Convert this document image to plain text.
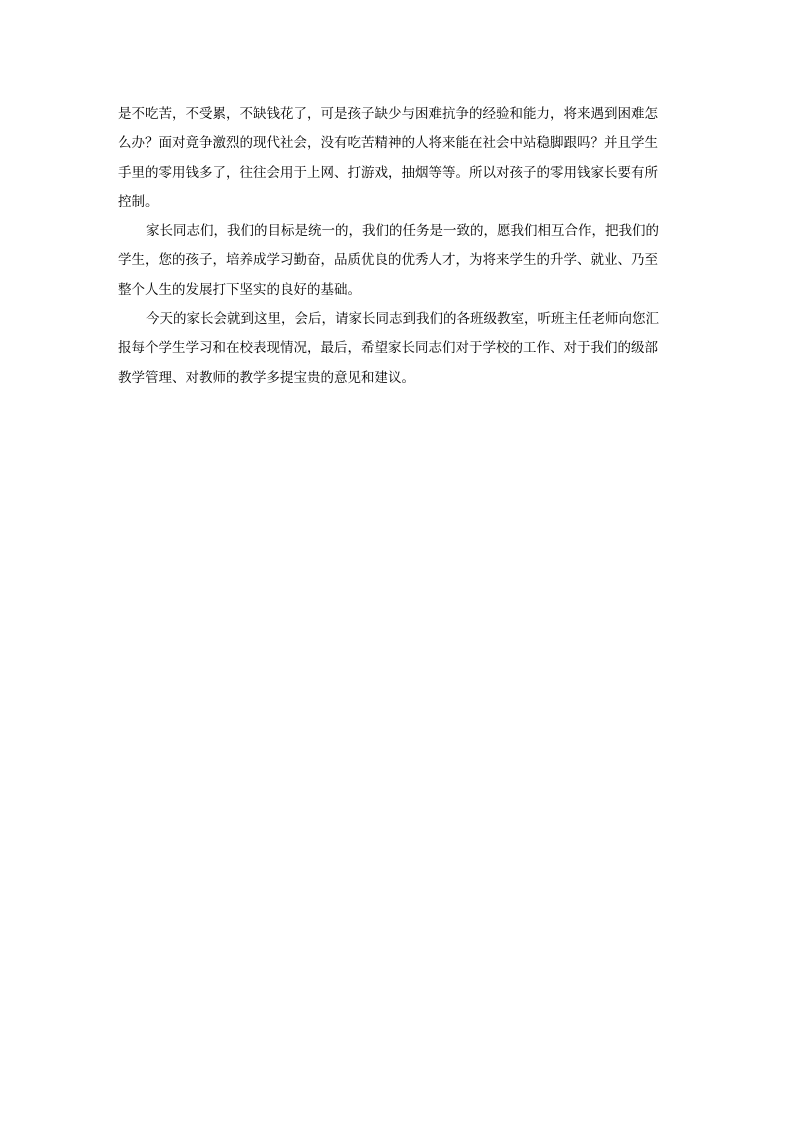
是不吃苦，不受累，不缺钱花了，可是孩子缺少与困难抗争的经验和能力，将来遇到困难怎
么办？面对竟争激烈的现代社会，没有吃苦精神的人将来能在社会中站稳脚跟吗？并且学生
手里的零用钱多了，往往会用于上网、打游戏，抽烟等等。所以对孩子的零用钱家长要有所
控制。
家长同志们，我们的目标是统一的，我们的任务是一致的，愿我们相互合作，把我们的
学生，您的孩子，培养成学习勤奋，品质优良的优秀人才，为将来学生的升学、就业、乃至
整个人生的发展打下坚实的良好的基础。
今天的家长会就到这里，会后，请家长同志到我们的各班级教室，听班主任老师向您汇
报每个学生学习和在校表现情况，最后，希望家长同志们对于学校的工作、对于我们的级部
教学管理、对教师的教学多提宝贵的意见和建议。
